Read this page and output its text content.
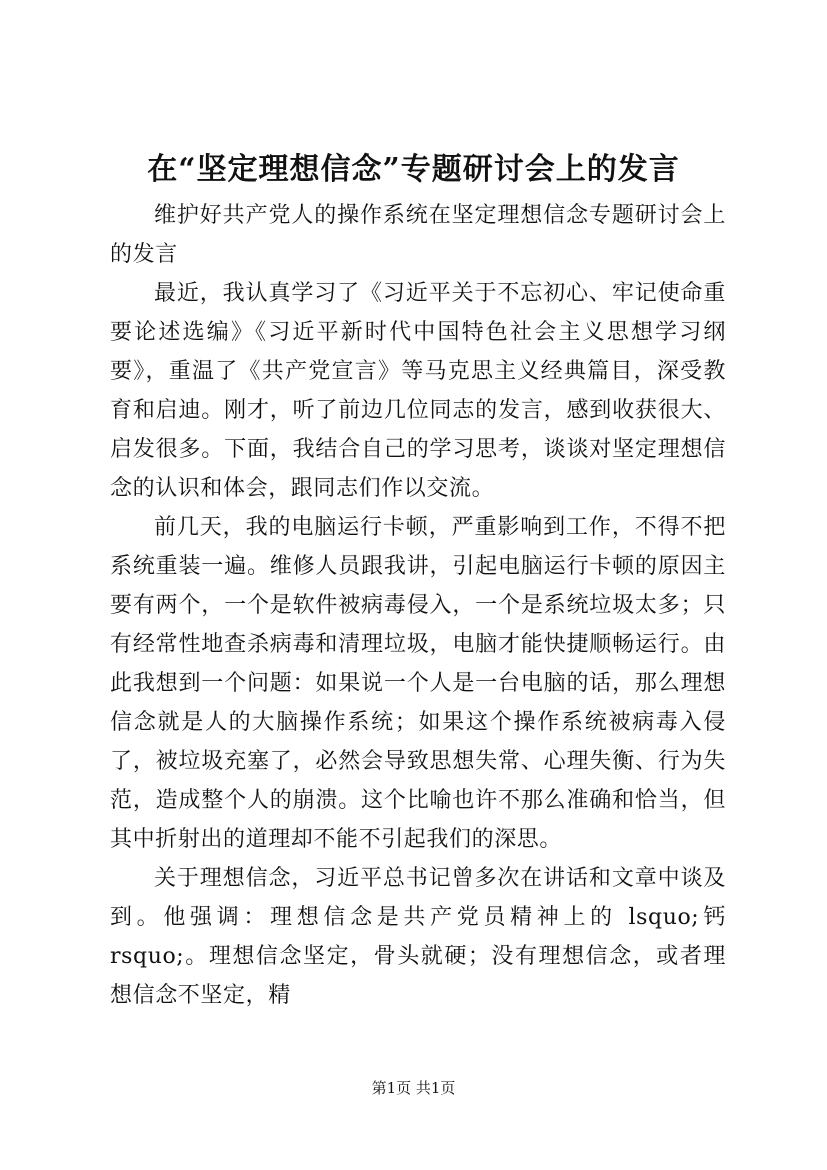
在“坚定理想信念”专题研讨会上的发言

维护好共产党人的操作系统在坚定理想信念专题研讨会上的发言

最近，我认真学习了《习近平关于不忘初心、牢记使命重要论述选编》《习近平新时代中国特色社会主义思想学习纲要》，重温了《共产党宣言》等马克思主义经典篇目，深受教育和启迪。刚才，听了前边几位同志的发言，感到收获很大、启发很多。下面，我结合自己的学习思考，谈谈对坚定理想信念的认识和体会，跟同志们作以交流。

前几天，我的电脑运行卡顿，严重影响到工作，不得不把系统重装一遍。维修人员跟我讲，引起电脑运行卡顿的原因主要有两个，一个是软件被病毒侵入，一个是系统垃圾太多；只有经常性地查杀病毒和清理垃圾，电脑才能快捷顺畅运行。由此我想到一个问题：如果说一个人是一台电脑的话，那么理想信念就是人的大脑操作系统；如果这个操作系统被病毒入侵了，被垃圾充塞了，必然会导致思想失常、心理失衡、行为失范，造成整个人的崩溃。这个比喻也许不那么准确和恰当，但其中折射出的道理却不能不引起我们的深思。

关于理想信念，习近平总书记曾多次在讲话和文章中谈及到。他强调：理想信念是共产党员精神上的 lsquo;钙 rsquo;。理想信念坚定，骨头就硬；没有理想信念，或者理想信念不坚定，精

第1页 共1页
